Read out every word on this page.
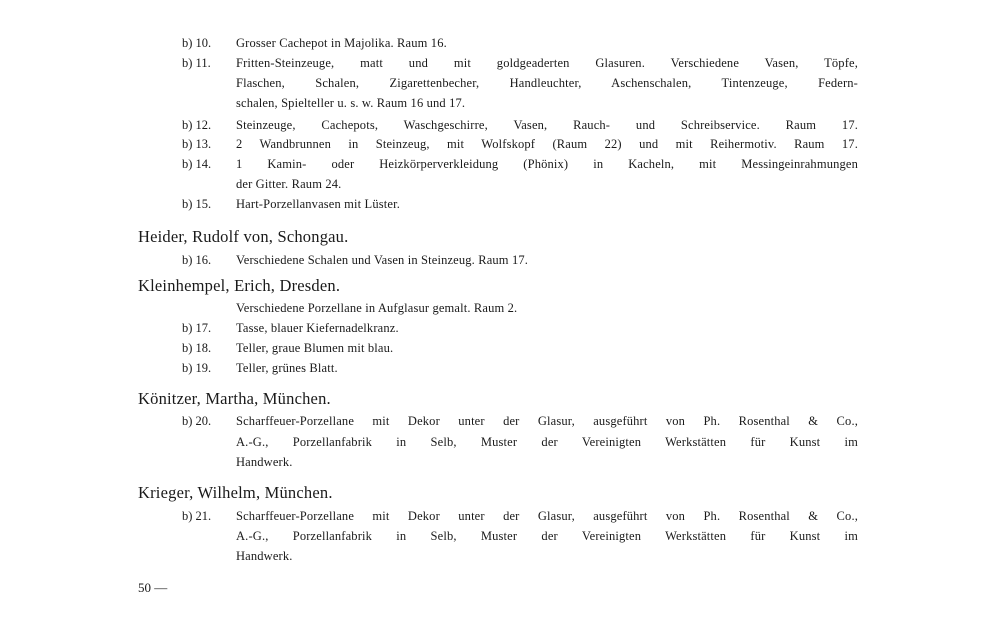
b) 10. Grosser Cachepot in Majolika. Raum 16.
b) 11. Fritten-Steinzeuge, matt und mit goldgeaderten Glasuren. Verschiedene Vasen, Töpfe,
Flaschen, Schalen, Zigarettenbecher, Handleuchter, Aschenschalen, Tintenzeuge, Federn-
schalen, Spielteller u. s. w. Raum 16 und 17.
b) 12. Steinzeuge, Cachepots, Waschgeschirre, Vasen, Rauch- und Schreibservice. Raum 17.
b) 13. 2 Wandbrunnen in Steinzeug, mit Wolfskopf (Raum 22) und mit Reihermotiv. Raum 17.
b) 14. 1 Kamin- oder Heizkörperverkleidung (Phönix) in Kacheln, mit Messingeinrahmungen
der Gitter. Raum 24.
b) 15. Hart-Porzellanvasen mit Lüster.
Heider, Rudolf von, Schongau.
b) 16. Verschiedene Schalen und Vasen in Steinzeug. Raum 17.
Kleinhempel, Erich, Dresden.
Verschiedene Porzellane in Aufglasur gemalt. Raum 2.
b) 17. Tasse, blauer Kiefernadelkranz.
b) 18. Teller, graue Blumen mit blau.
b) 19. Teller, grünes Blatt.
Könitzer, Martha, München.
b) 20. Scharffeuer-Porzellane mit Dekor unter der Glasur, ausgeführt von Ph. Rosenthal & Co.,
A.-G., Porzellanfabrik in Selb, Muster der Vereinigten Werkstätten für Kunst im
Handwerk.
Krieger, Wilhelm, München.
b) 21. Scharffeuer-Porzellane mit Dekor unter der Glasur, ausgeführt von Ph. Rosenthal & Co.,
A.-G., Porzellanfabrik in Selb, Muster der Vereinigten Werkstätten für Kunst im
Handwerk.
50 —
